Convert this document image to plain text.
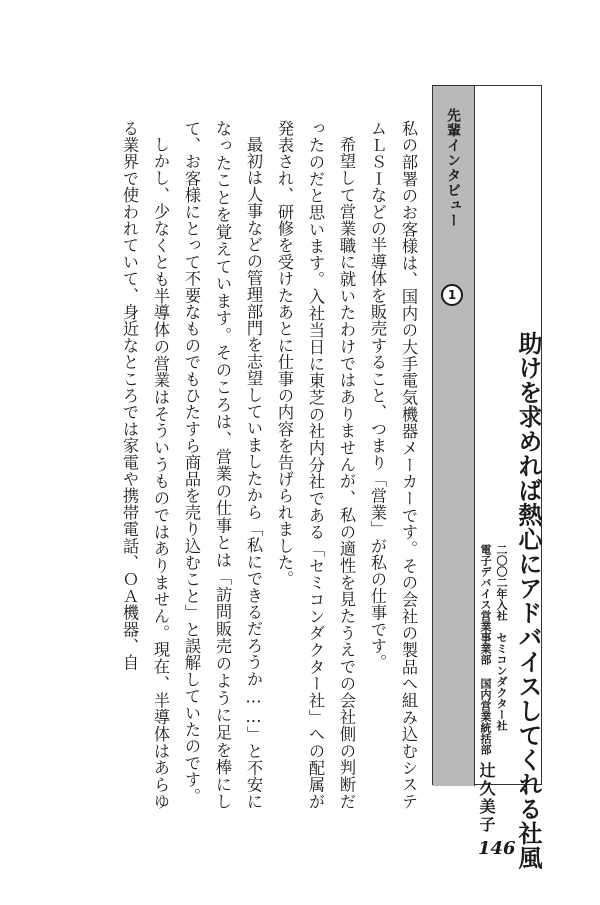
先輩インタビュー
1
助けを求めれば熱心にアドバイスしてくれる社風
二〇〇二年入社　セミコンダクター社
電子デバイス営業事業部 国内営業統括部
辻久美子

私の部署のお客様は、国内の大手電気機器メーカーです。その会社の製品へ組み込むシステムＬＳＩなどの半導体を販売すること、つまり「営業」が私の仕事です。

希望して営業職に就いたわけではありませんが、私の適性を見たうえでの会社側の判断だったのだと思います。入社当日に東芝の社内分社である「セミコンダクター社」への配属が発表され、研修を受けたあとに仕事の内容を告げられました。

最初は人事などの管理部門を志望していましたから「私にできるだろうか……」と不安になったことを覚えています。そのころは、営業の仕事とは「訪問販売のように足を棒にして、お客様にとって不要なものでもひたすら商品を売り込むこと」と誤解していたのです。

しかし、少なくとも半導体の営業はそういうものではありません。現在、半導体はあらゆる業界で使われていて、身近なところでは家電や携帯電話、ＯＡ機器、自

146
